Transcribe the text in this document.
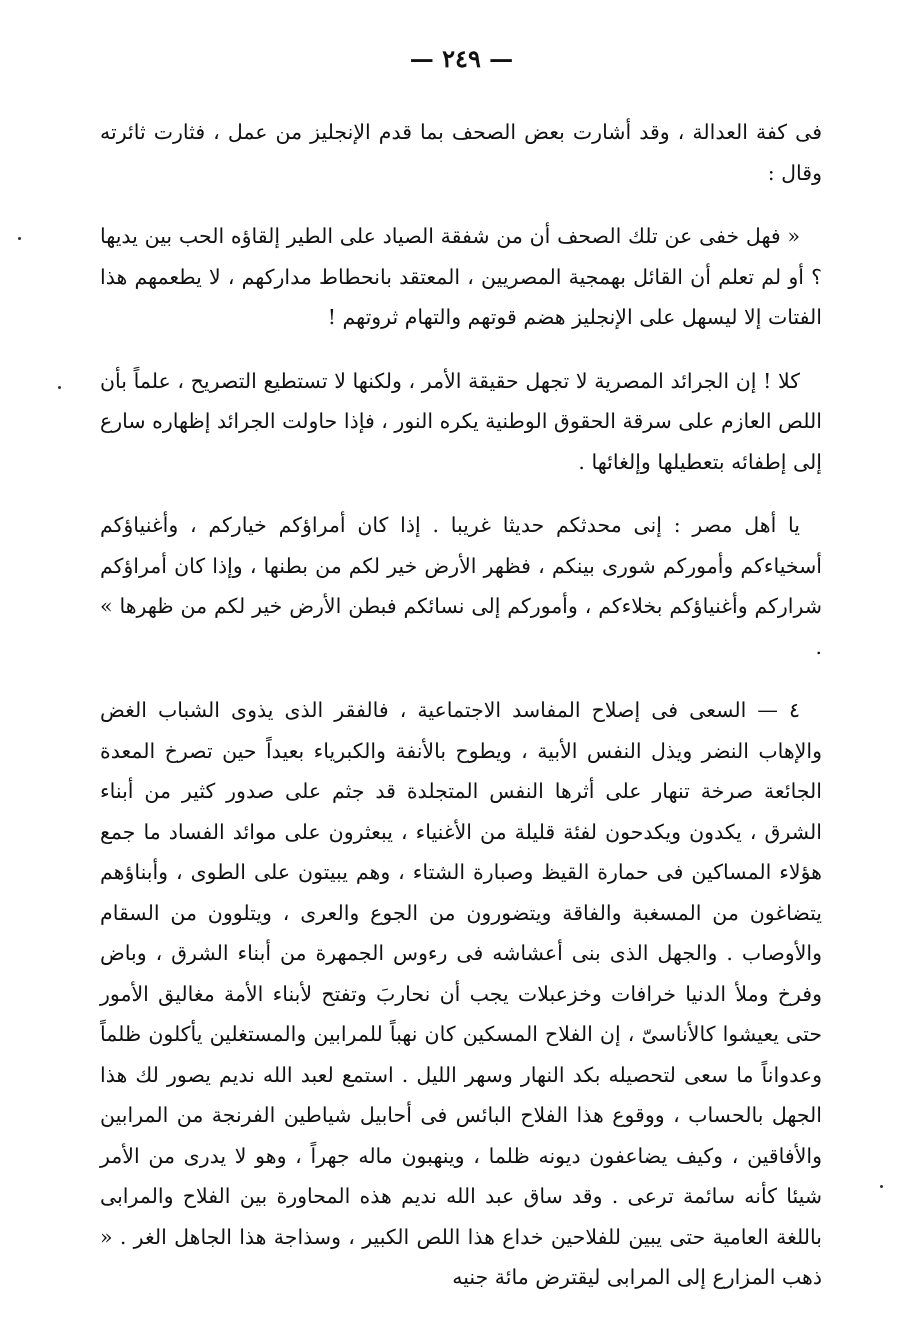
— ٢٤٩ —

فى كفة العدالة ، وقد أشارت بعض الصحف بما قدم الإنجليز من عمل ، فثارت ثائرته وقال :

« فهل خفى عن تلك الصحف أن من شفقة الصياد على الطير إلقاؤه الحب بين يديها ؟ أو لم تعلم أن القائل بهمجية المصريين ، المعتقد بانحطاط مداركهم ، لا يطعمهم هذا الفتات إلا ليسهل على الإنجليز هضم قوتهم والتهام ثروتهم !

كلا ! إن الجرائد المصرية لا تجهل حقيقة الأمر ، ولكنها لا تستطيع التصريح ، علماً بأن اللص العازم على سرقة الحقوق الوطنية يكره النور ، فإذا حاولت الجرائد إظهاره سارع إلى إطفائه بتعطيلها وإلغائها .

يا أهل مصر : إنى محدثكم حديثا غريبا . إذا كان أمراؤكم خياركم ، وأغنياؤكم أسخياءكم وأموركم شورى بينكم ، فظهر الأرض خير لكم من بطنها ، وإذا كان أمراؤكم شراركم وأغنياؤكم بخلاءكم ، وأموركم إلى نسائكم فبطن الأرض خير لكم من ظهرها » .

٤ — السعى فى إصلاح المفاسد الاجتماعية ، فالفقر الذى يذوى الشباب الغض والإهاب النضر ويذل النفس الأبية ، ويطوح بالأنفة والكبرياء بعيداً حين تصرخ المعدة الجائعة صرخة تنهار على أثرها النفس المتجلدة قد جثم على صدور كثير من أبناء الشرق ، يكدون ويكدحون لفئة قليلة من الأغنياء ، يبعثرون على موائد الفساد ما جمع هؤلاء المساكين فى حمارة القيظ وصبارة الشتاء ، وهم يبيتون على الطوى ، وأبناؤهم يتضاغون من المسغبة والفاقة ويتضورون من الجوع والعرى ، ويتلوون من السقام والأوصاب . والجهل الذى بنى أعشاشه فى رءوس الجمهرة من أبناء الشرق ، وباض وفرخ وملأ الدنيا خرافات وخزعبلات يجب أن نحاربَ وتفتح لأبناء الأمة مغاليق الأمور حتى يعيشوا كالأناسىّ ، إن الفلاح المسكين كان نهباً للمرابين والمستغلين يأكلون ظلماً وعدواناً ما سعى لتحصيله بكد النهار وسهر الليل . استمع لعبد الله نديم يصور لك هذا الجهل بالحساب ، ووقوع هذا الفلاح البائس فى أحابيل شياطين الفرنجة من المرابين والأفاقين ، وكيف يضاعفون ديونه ظلما ، وينهبون ماله جهراً ، وهو لا يدرى من الأمر شيئا كأنه سائمة ترعى . وقد ساق عبد الله نديم هذه المحاورة بين الفلاح والمرابى باللغة العامية حتى يبين للفلاحين خداع هذا اللص الكبير ، وسذاجة هذا الجاهل الغر . « ذهب المزارع إلى المرابى ليقترض مائة جنيه
